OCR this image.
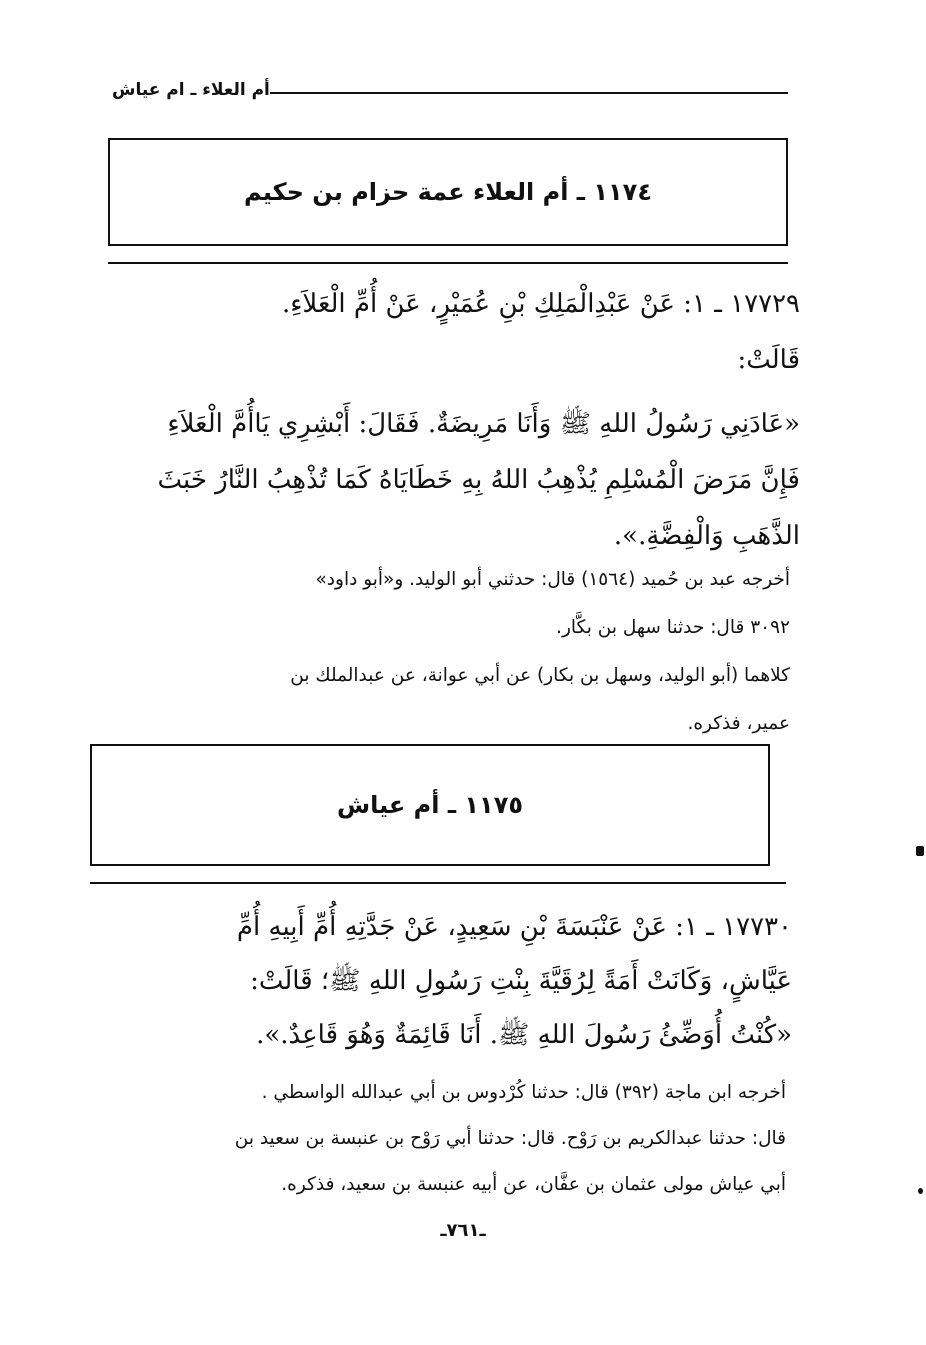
أم العلاء ـ ام عياش
١١٧٤ ـ أم العلاء عمة حزام بن حكيم
١٧٧٢٩ ـ ١: عَنْ عَبْدِالْمَلِكِ بْنِ عُمَيْرٍ، عَنْ أُمِّ الْعَلاَءِ.
قَالَتْ:
«عَادَنِي رَسُولُ اللهِ ﷺ وَأَنَا مَرِيضَةٌ. فَقَالَ: أَبْشِرِي يَاأُمَّ الْعَلاَءِ
فَإِنَّ مَرَضَ الْمُسْلِمِ يُذْهِبُ اللهُ بِهِ خَطَايَاهُ كَمَا تُذْهِبُ النَّارُ خَبَثَ
الذَّهَبِ وَالْفِضَّةِ.».
أخرجه عبد بن حُميد (١٥٦٤) قال: حدثني أبو الوليد. و«أبو داود»
٣٠٩٢ قال: حدثنا سهل بن بكَّار.
كلاهما (أبو الوليد، وسهل بن بكار) عن أبي عوانة، عن عبدالملك بن
عمير، فذكره.
١١٧٥ ـ أم عياش
١٧٧٣٠ ـ ١: عَنْ عَنْبَسَةَ بْنِ سَعِيدٍ، عَنْ جَدَّتِهِ أُمِّ أَبِيهِ أُمِّ
عَيَّاشٍ، وَكَانَتْ أَمَةً لِرُقَيَّةَ بِنْتِ رَسُولِ اللهِ ﷺ؛ قَالَتْ:
«كُنْتُ أُوَضِّئُ رَسُولَ اللهِ ﷺ. أَنَا قَائِمَةٌ وَهُوَ قَاعِدٌ.».
أخرجه ابن ماجة (٣٩٢) قال: حدثنا كُرْدوس بن أبي عبدالله الواسطي .
قال: حدثنا عبدالكريم بن رَوْح. قال: حدثنا أبي رَوْح بن عنبسة بن سعيد بن
أبي عياش مولى عثمان بن عفَّان، عن أبيه عنبسة بن سعيد، فذكره.
ـ٧٦١ـ
